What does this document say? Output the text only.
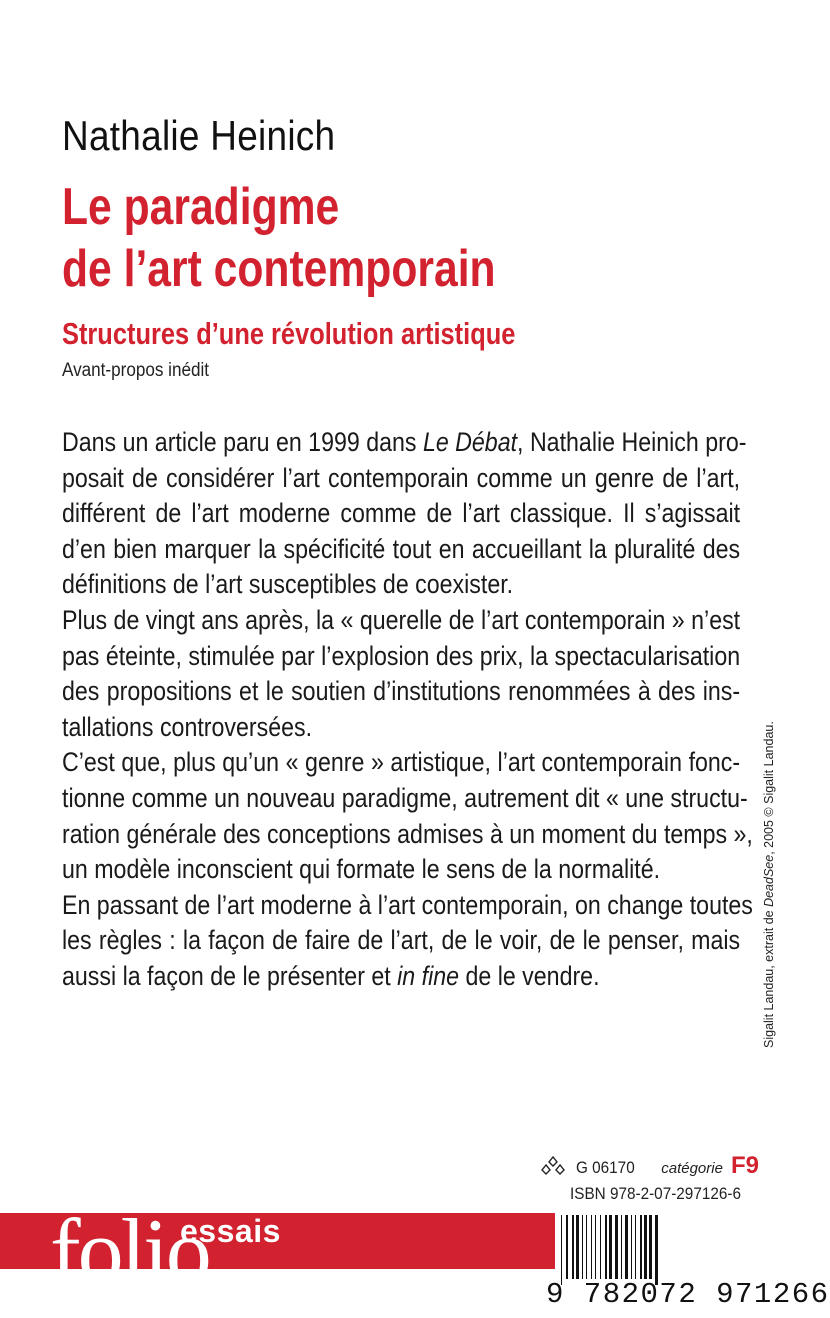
Nathalie Heinich
Le paradigme
de l’art contemporain
Structures d’une révolution artistique
Avant-propos inédit
Dans un article paru en 1999 dans Le Débat, Nathalie Heinich pro-
posait de considérer l’art contemporain comme un genre de l’art,
différent de l’art moderne comme de l’art classique. Il s’agissait
d’en bien marquer la spécificité tout en accueillant la pluralité des
définitions de l’art susceptibles de coexister.
Plus de vingt ans après, la « querelle de l’art contemporain » n’est
pas éteinte, stimulée par l’explosion des prix, la spectacularisation
des propositions et le soutien d’institutions renommées à des ins-
tallations controversées.
C’est que, plus qu’un « genre » artistique, l’art contemporain fonc-
tionne comme un nouveau paradigme, autrement dit « une structu-
ration générale des conceptions admises à un moment du temps »,
un modèle inconscient qui formate le sens de la normalité.
En passant de l’art moderne à l’art contemporain, on change toutes
les règles : la façon de faire de l’art, de le voir, de le penser, mais
aussi la façon de le présenter et in fine de le vendre.	Sigalit Landau, extrait de DeadSee, 2005 © Sigalit Landau.
G 06170 catégorie F9
ISBN 978-2-07-297126-6
folio
essais
9 782072 971266
